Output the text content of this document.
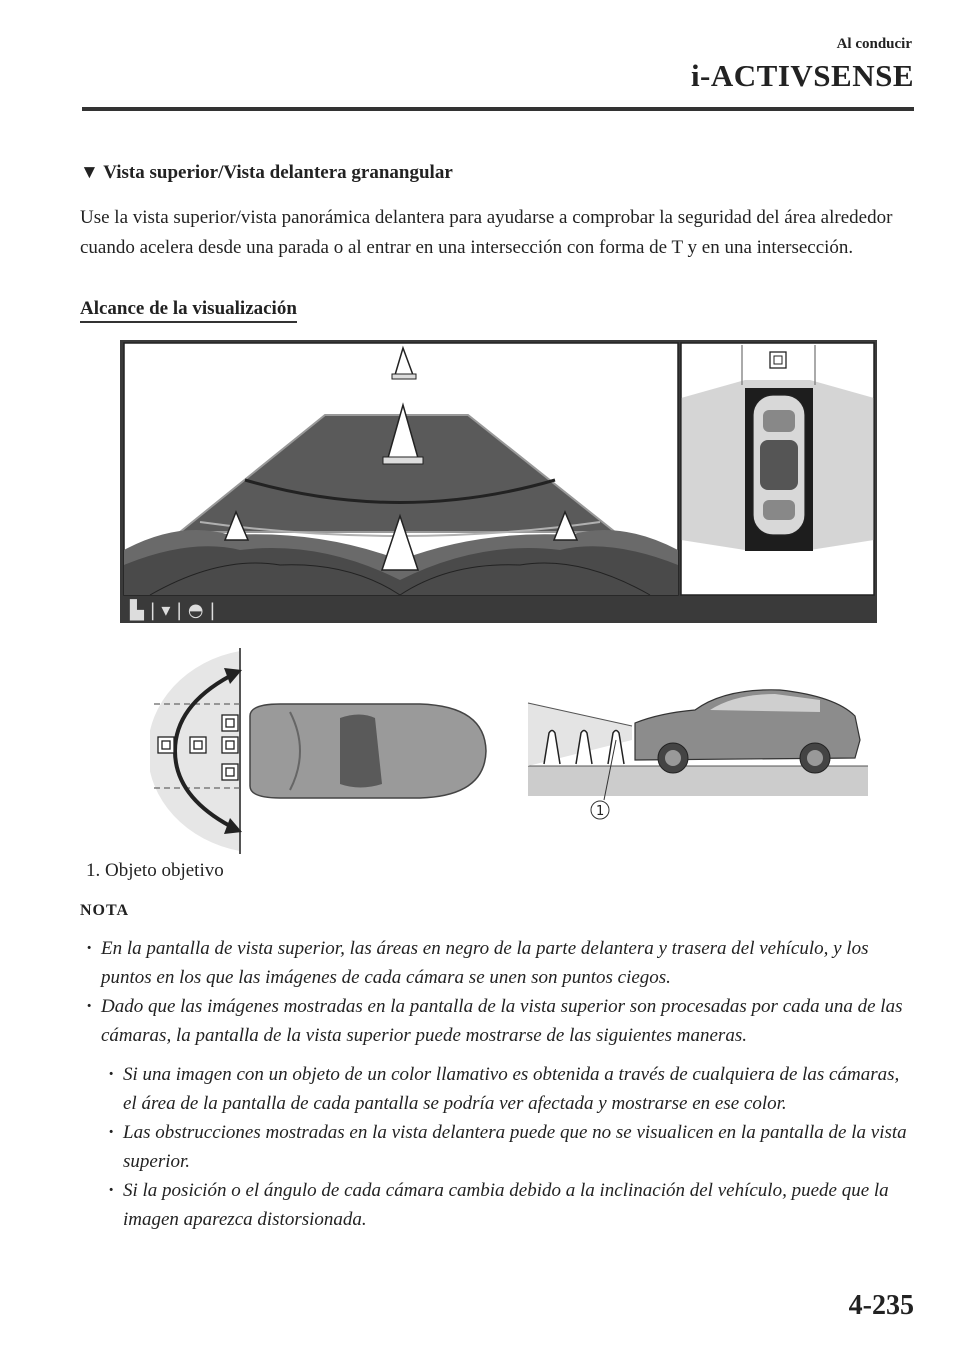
Al conducir
i-ACTIVSENSE
▼ Vista superior/Vista delantera granangular
Use la vista superior/vista panorámica delantera para ayudarse a comprobar la seguridad del área alrededor cuando acelera desde una parada o al entrar en una intersección con forma de T y en una intersección.
Alcance de la visualización
▙ | ▾ | ◓ |
1
1. Objeto objetivo
NOTA
· En la pantalla de vista superior, las áreas en negro de la parte delantera y trasera del vehículo, y los puntos en los que las imágenes de cada cámara se unen son puntos ciegos.
· Dado que las imágenes mostradas en la pantalla de la vista superior son procesadas por cada una de las cámaras, la pantalla de la vista superior puede mostrarse de las siguientes maneras.
· Si una imagen con un objeto de un color llamativo es obtenida a través de cualquiera de las cámaras, el área de la pantalla de cada pantalla se podría ver afectada y mostrarse en ese color.
· Las obstrucciones mostradas en la vista delantera puede que no se visualicen en la pantalla de la vista superior.
· Si la posición o el ángulo de cada cámara cambia debido a la inclinación del vehículo, puede que la imagen aparezca distorsionada.
4-235
